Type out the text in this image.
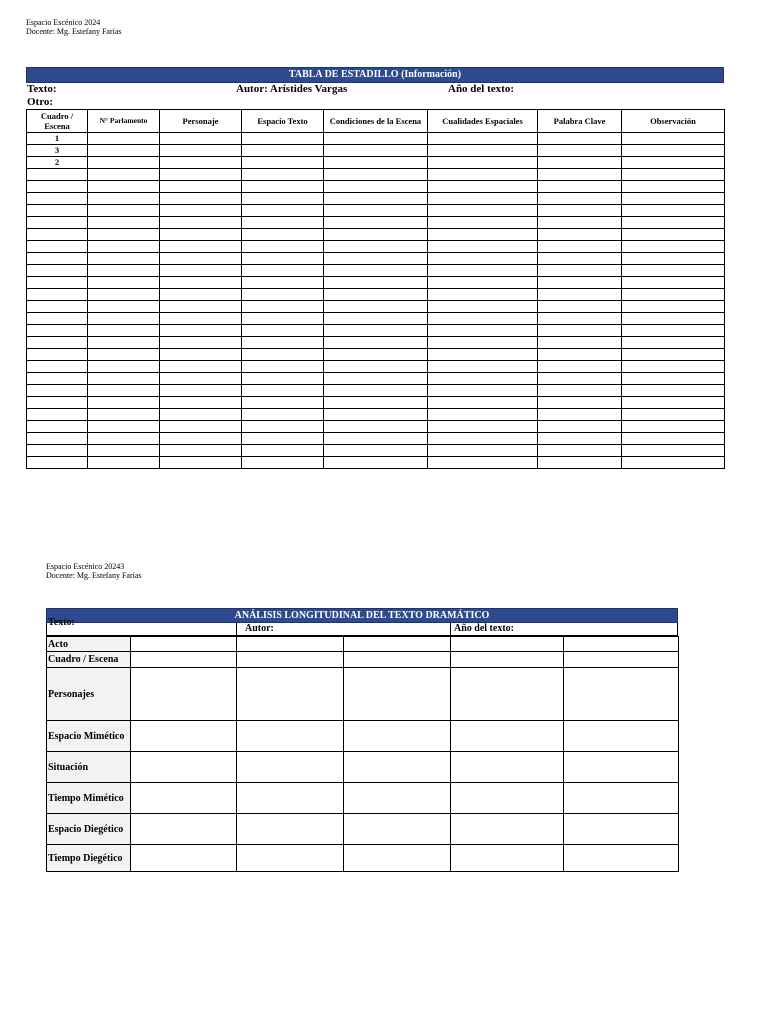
Espacio Escénico 2024
Docente: Mg. Estefany Farías
TABLA DE ESTADILLO (Información)
Texto:	Autor: Arístides Vargas	Año del texto:
Otro:
Cuadro / Escena	N° Parlamento	Personaje	Espacio Texto	Condiciones de la Escena	Cualidades Espaciales	Palabra Clave	Observación
1							
3							
2							

Espacio Escénico 20243
Docente: Mg. Estefany Farías
ANÁLISIS LONGITUDINAL DEL TEXTO DRAMÁTICO
Texto:
Autor:	Año del texto:
Acto					
Cuadro / Escena					
Personajes					
Espacio Mimético					
Situación					
Tiempo Mimético					
Espacio Diegético					
Tiempo Diegético					
